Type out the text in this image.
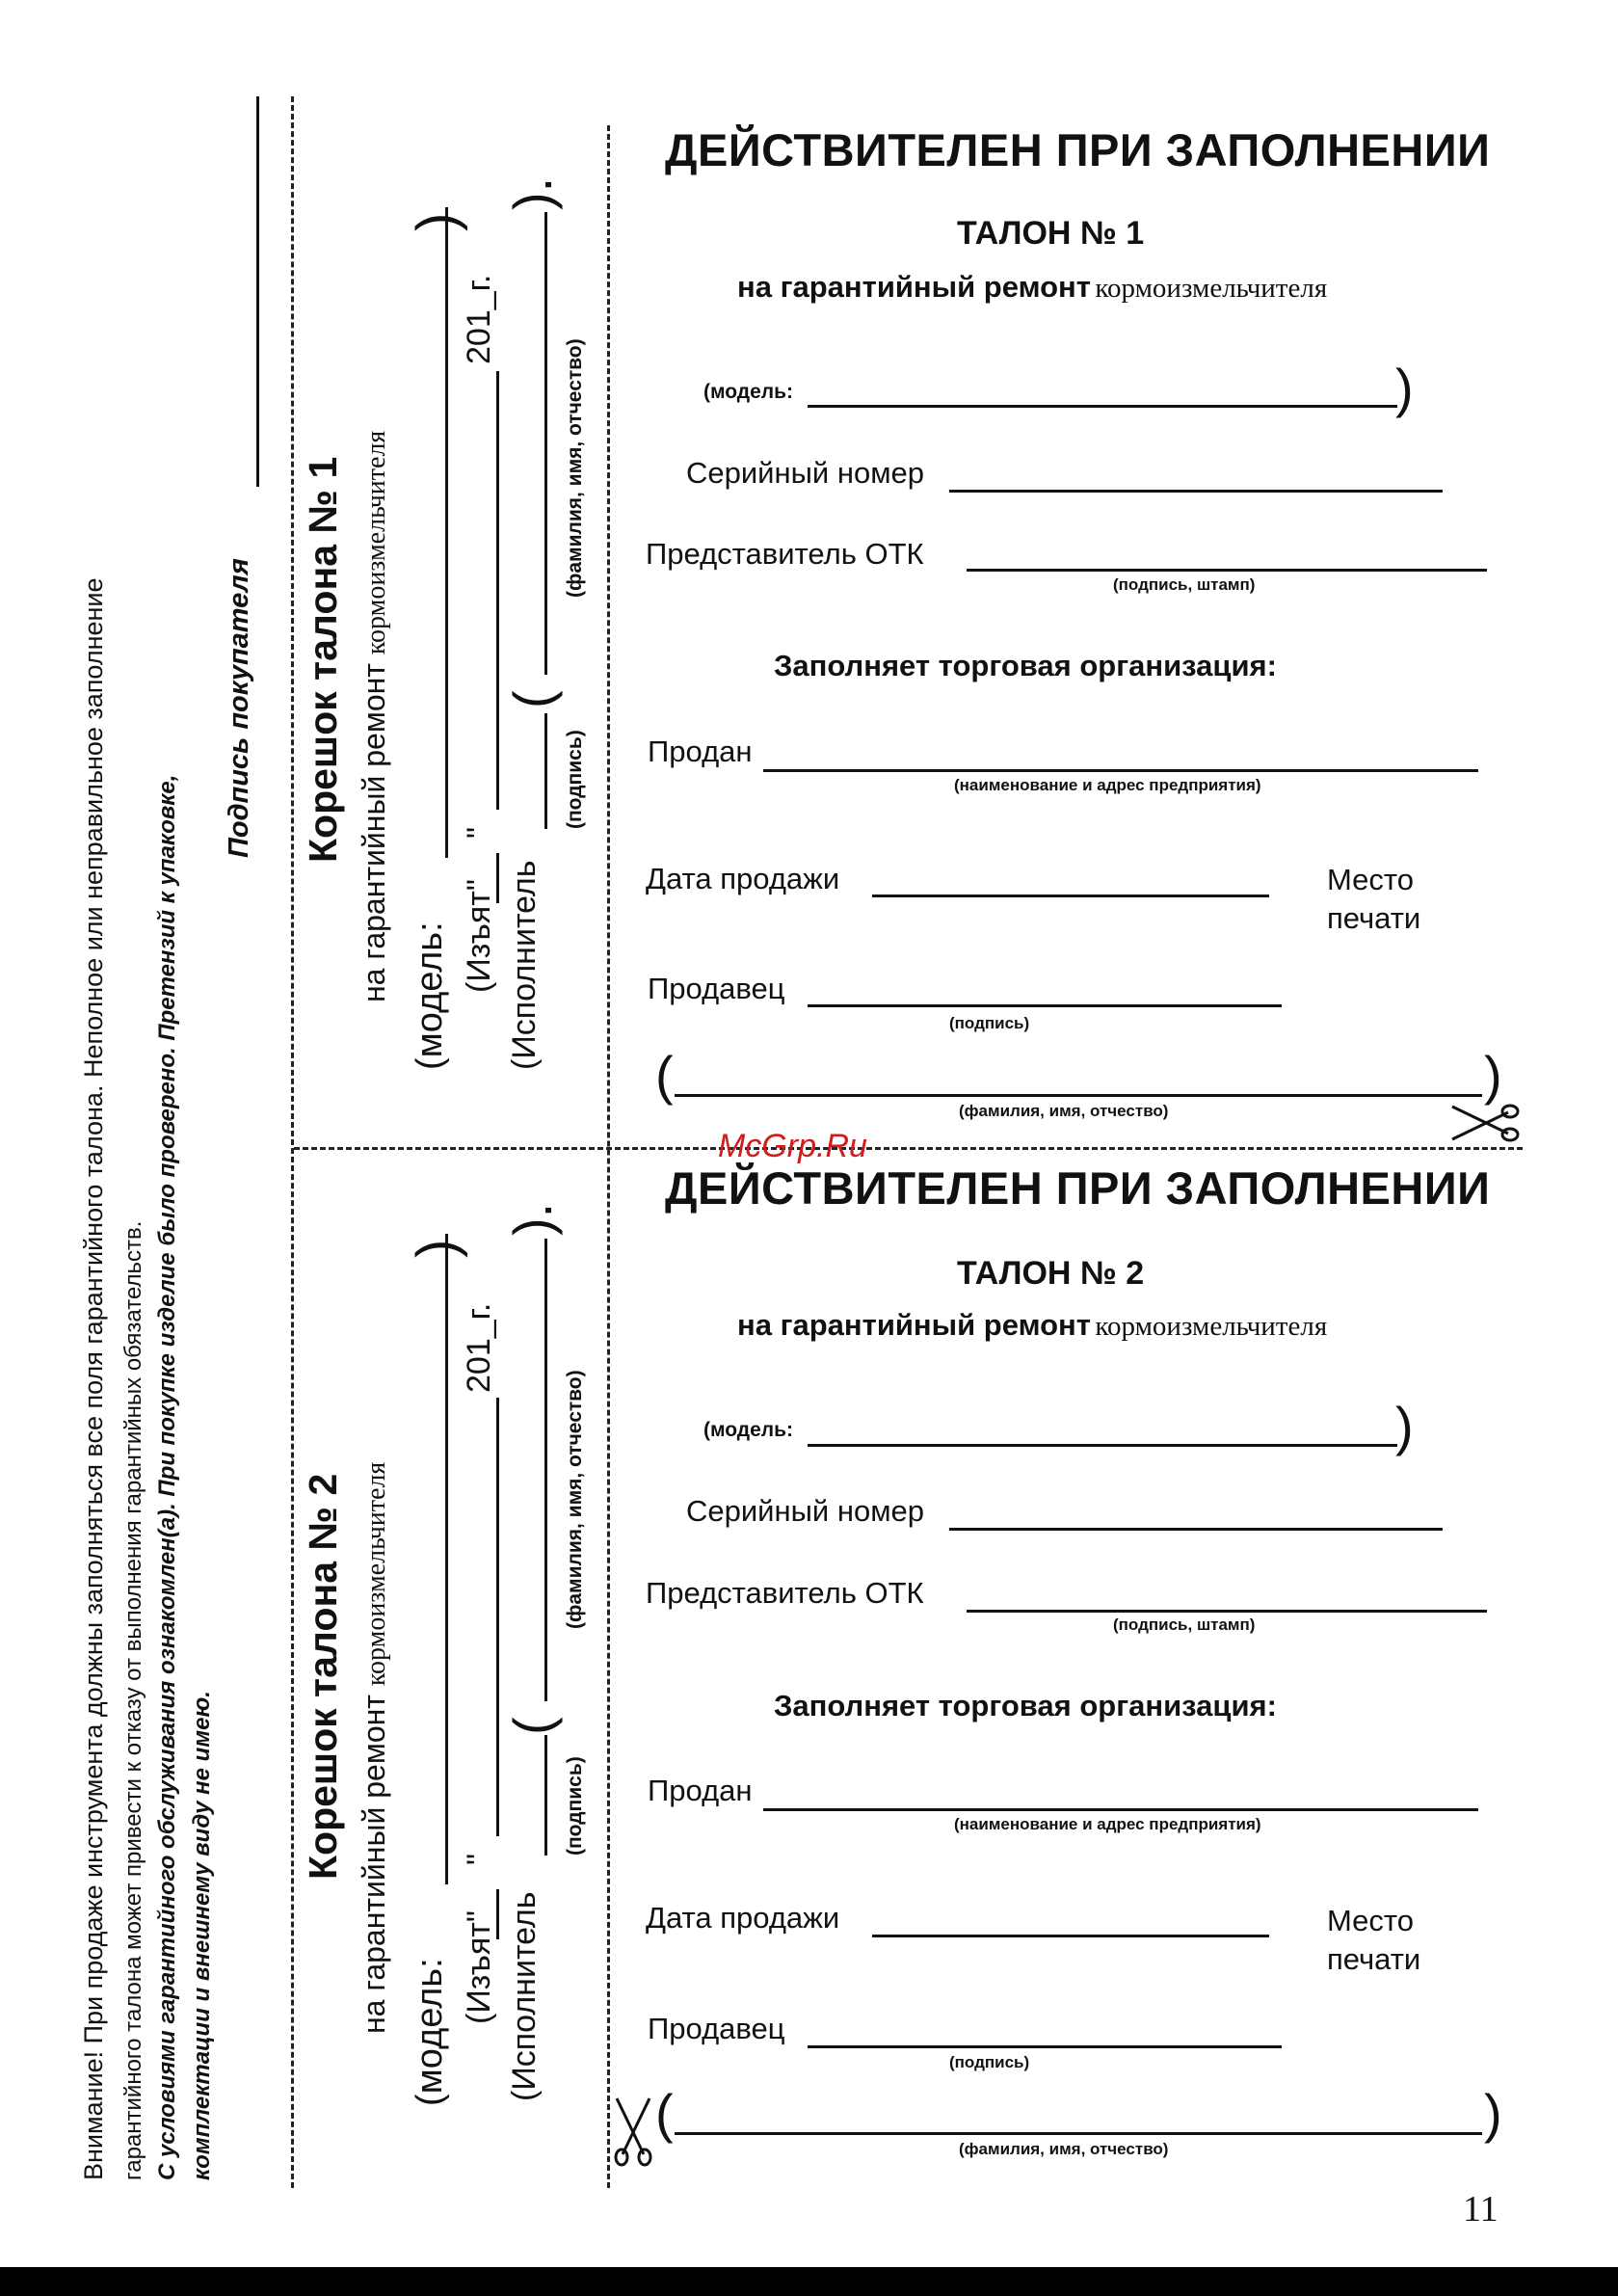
Внимание! При продаже инструмента должны заполняться все поля гарантийного талона. Неполное или неправильное заполнение гарантийного талона может привести к отказу от выполнения гарантийных обязательств. С условиями гарантийного обслуживания ознакомлен(а). При покупке изделие было проверено. Претензий к упаковке,
комплектации и внешнему виду не имею.
Подпись покупателя Корешок талона № 1 на гарантийный ремонт кормоизмельчителя
(модель:
)
(Изъят"
"
201_г.
(Исполнитель
(
).
(подпись)
(фамилия, имя, отчество)
Корешок талона № 2 на гарантийный ремонт кормоизмельчителя
(модель:
)
(Изъят"
"
201_г.
(Исполнитель
(
).
(подпись)
(фамилия, имя, отчество)
ДЕЙСТВИТЕЛЕН ПРИ ЗАПОЛНЕНИИ
ТАЛОН № 1
на гарантийный ремонт кормоизмельчителя
(модель:	)
Серийный номер
Представитель ОТК
(подпись, штамп)
Заполняет торговая организация:
Продан
(наименование и адрес предприятия)
Дата продажи	Место
печати
Продавец
(подпись)
(	)
(фамилия, имя, отчество)
McGrp.Ru
ДЕЙСТВИТЕЛЕН ПРИ ЗАПОЛНЕНИИ
ТАЛОН № 2
на гарантийный ремонт кормоизмельчителя
(модель:	)
Серийный номер
Представитель ОТК
(подпись, штамп)
Заполняет торговая организация:
Продан
(наименование и адрес предприятия)
Дата продажи	Место
печати
Продавец
(подпись)
(	)
(фамилия, имя, отчество)
11
